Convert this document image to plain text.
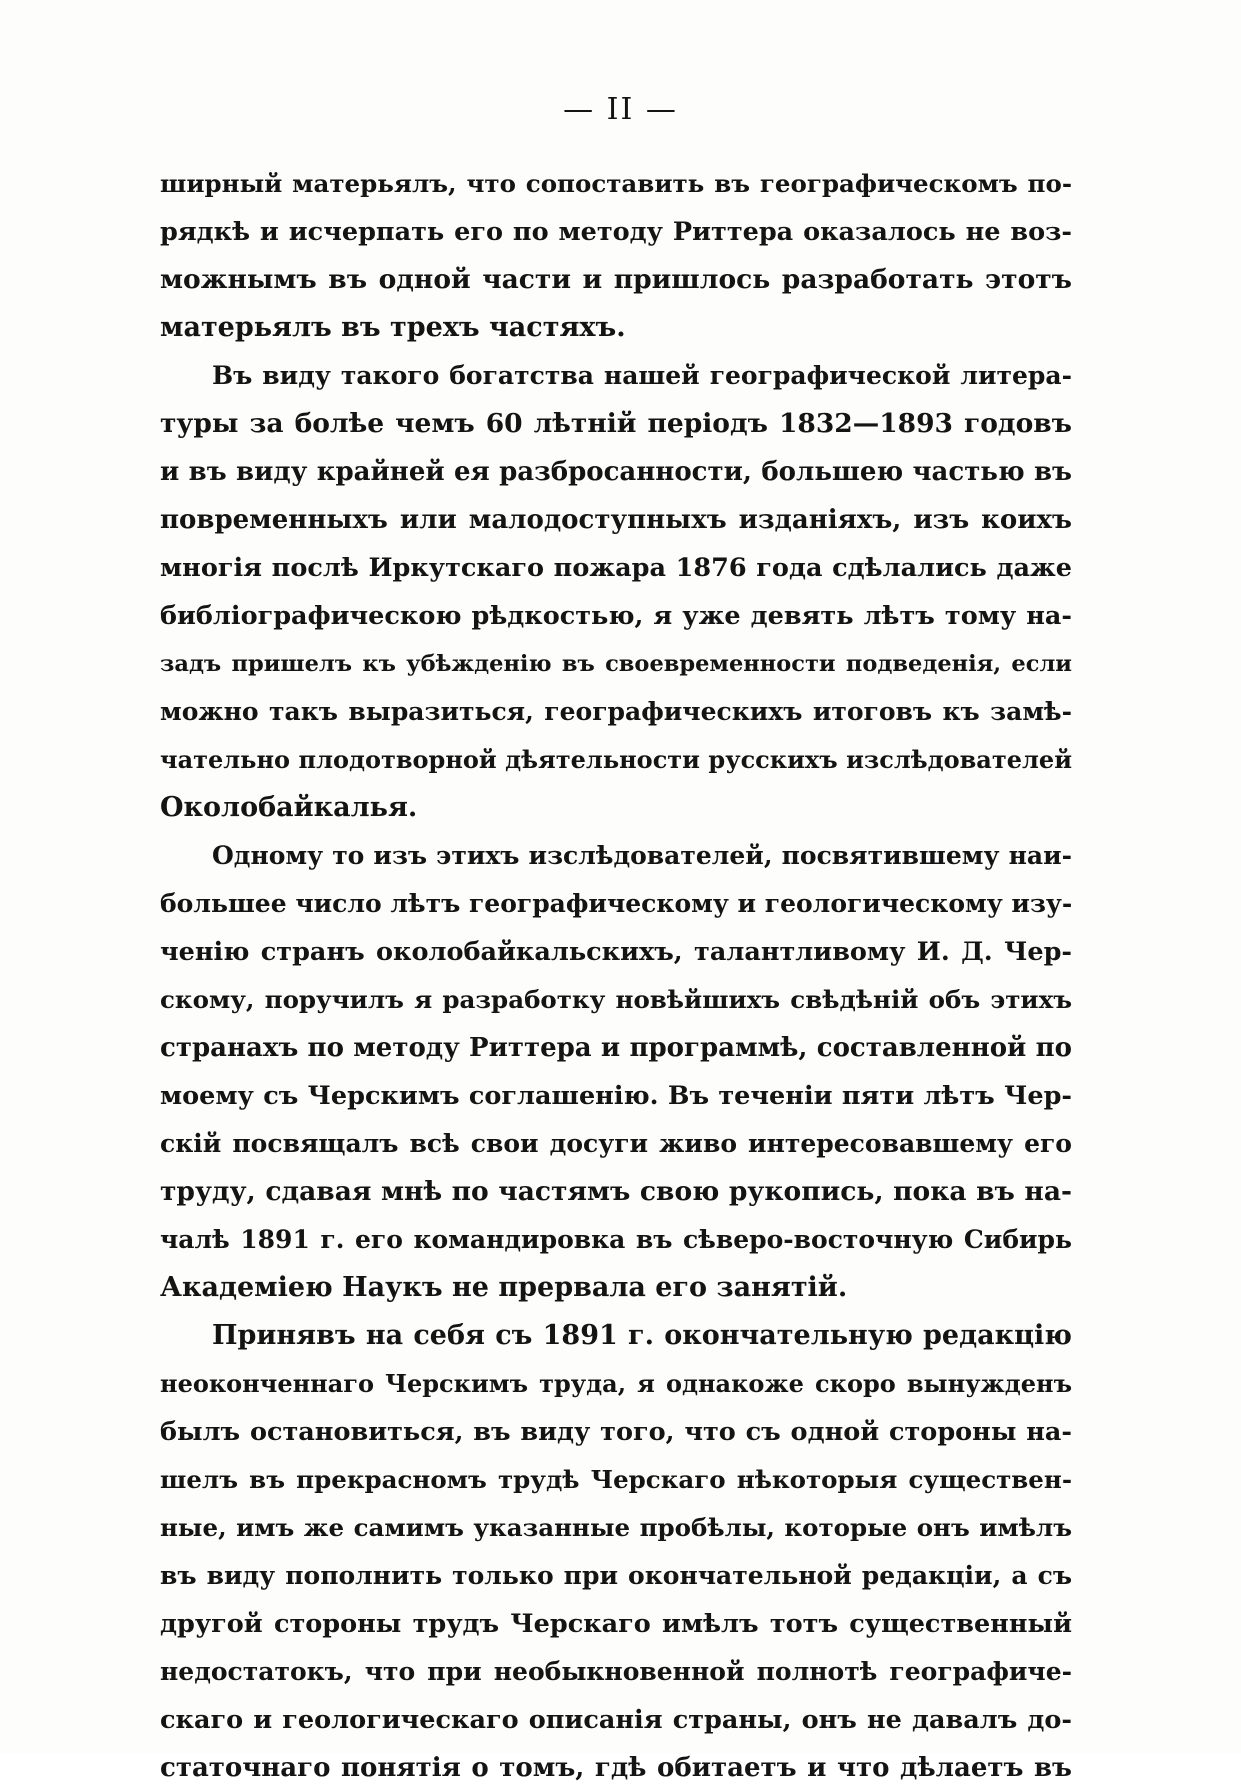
— II —
ширный матерьялъ, что сопоставить въ географическомъ по-
рядкѣ и исчерпать его по методу Риттера оказалось не воз-
можнымъ въ одной части и пришлось разработать этотъ
матерьялъ въ трехъ частяхъ.
Въ виду такого богатства нашей географической литера-
туры за болѣе чемъ 60 лѣтній періодъ 1832—1893 годовъ
и въ виду крайней ея разбросанности, большею частью въ
повременныхъ или малодоступныхъ изданіяхъ, изъ коихъ
многія послѣ Иркутскаго пожара 1876 года сдѣлались даже
библіографическою рѣдкостью, я уже девять лѣтъ тому на-
задъ пришелъ къ убѣжденію въ своевременности подведенія, если
можно такъ выразиться, географическихъ итоговъ къ замѣ-
чательно плодотворной дѣятельности русскихъ изслѣдователей
Околобайкалья.
Одному то изъ этихъ изслѣдователей, посвятившему наи-
большее число лѣтъ географическому и геологическому изу-
ченію странъ околобайкальскихъ, талантливому И. Д. Чер-
скому, поручилъ я разработку новѣйшихъ свѣдѣній объ этихъ
странахъ по методу Риттера и программѣ, составленной по
моему съ Черскимъ соглашенію. Въ теченіи пяти лѣтъ Чер-
скій посвящалъ всѣ свои досуги живо интересовавшему его
труду, сдавая мнѣ по частямъ свою рукопись, пока въ на-
чалѣ 1891 г. его командировка въ сѣверо-восточную Сибирь
Академіею Наукъ не прервала его занятій.
Принявъ на себя съ 1891 г. окончательную редакцію
неоконченнаго Черскимъ труда, я однакоже скоро вынужденъ
былъ остановиться, въ виду того, что съ одной стороны на-
шелъ въ прекрасномъ трудѣ Черскаго нѣкоторыя существен-
ные, имъ же самимъ указанные пробѣлы, которые онъ имѣлъ
въ виду пополнить только при окончательной редакціи, а съ
другой стороны трудъ Черскаго имѣлъ тотъ существенный
недостатокъ, что при необыкновенной полнотѣ географиче-
скаго и геологическаго описанія страны, онъ не давалъ до-
статочнаго понятія о томъ, гдѣ обитаетъ и что дѣлаетъ въ
